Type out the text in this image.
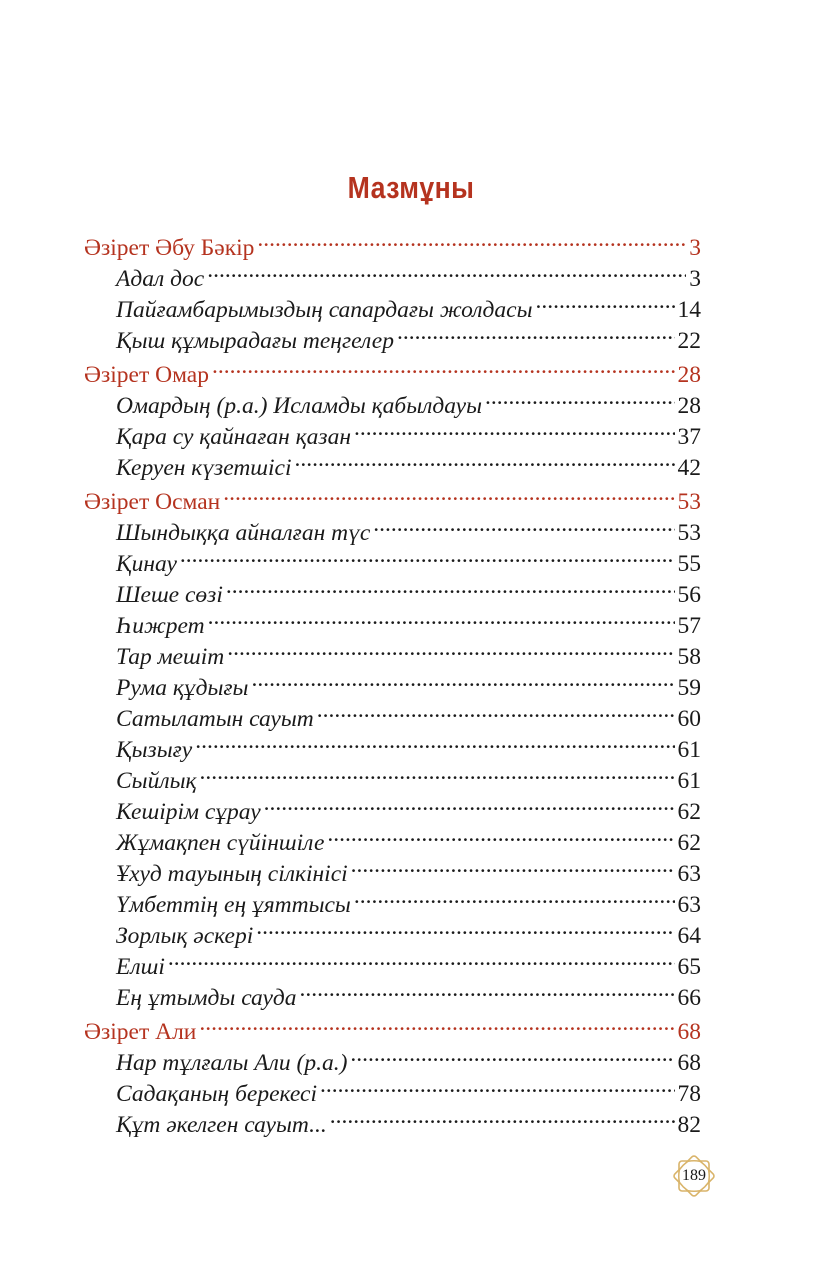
Мазмұны
Әзірет Әбу Бәкір .....	3
Адал дос .....	3
Пайғамбарымыздың сапардағы жолдасы .....	14
Қыш құмырадағы теңгелер .....	22
Әзірет Омар .....	28
Омардың (р.а.) Исламды қабылдауы .....	28
Қара су қайнаған қазан .....	37
Керуен күзетшісі .....	42
Әзірет Осман .....	53
Шындыққа айналған түс .....	53
Қинау .....	55
Шеше сөзі .....	56
Һижрет .....	57
Тар мешіт .....	58
Рума құдығы .....	59
Сатылатын сауыт .....	60
Қызығу .....	61
Сыйлық .....	61
Кешірім сұрау .....	62
Жұмақпен сүйіншіле .....	62
Ұхуд тауының сілкінісі .....	63
Үмбеттің ең ұяттысы .....	63
Зорлық әскері .....	64
Елші .....	65
Ең ұтымды сауда .....	66
Әзірет Али .....	68
Нар тұлғалы Али (р.а.) .....	68
Садақаның берекесі .....	78
Құт әкелген сауыт... .....	82
189
